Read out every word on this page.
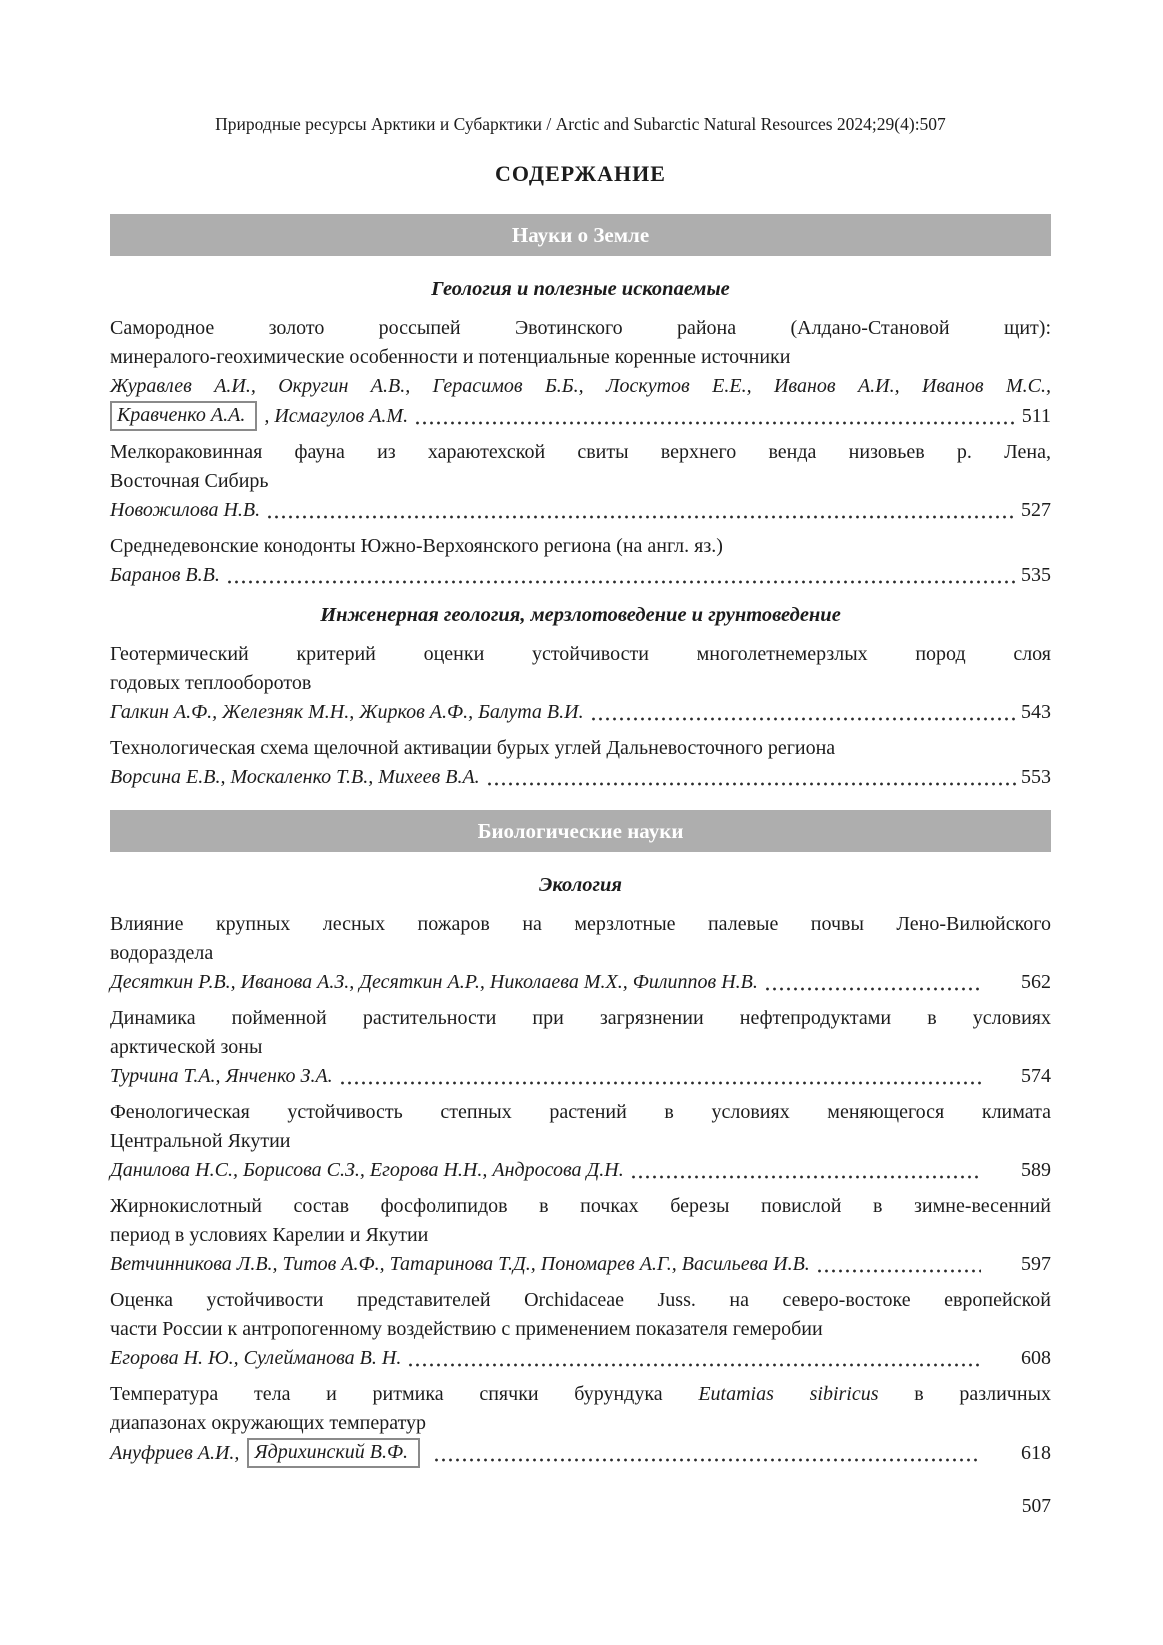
Природные ресурсы Арктики и Субарктики / Arctic and Subarctic Natural Resources 2024;29(4):507
СОДЕРЖАНИЕ
Науки о Земле
Геология и полезные ископаемые
Самородное золото россыпей Эвотинского района (Алдано-Становой щит):
минералого-геохимические особенности и потенциальные коренные источники
Журавлев А.И., Округин А.В., Герасимов Б.Б., Лоскутов Е.Е., Иванов А.И., Иванов М.С.,
Кравченко А.А. , Исмагулов А.М.	511
Мелкораковинная фауна из хараютехской свиты верхнего венда низовьев р. Лена,
Восточная Сибирь
Новожилова Н.В.	527
Среднедевонские конодонты Южно-Верхоянского региона (на англ. яз.)
Баранов В.В.	535
Инженерная геология, мерзлотоведение и грунтоведение
Геотермический критерий оценки устойчивости многолетнемерзлых пород слоя
годовых теплооборотов
Галкин А.Ф., Железняк М.Н., Жирков А.Ф., Балута В.И.	543
Технологическая схема щелочной активации бурых углей Дальневосточного региона
Ворсина Е.В., Москаленко Т.В., Михеев В.А.	553
Биологические науки
Экология
Влияние крупных лесных пожаров на мерзлотные палевые почвы Лено-Вилюйского
водораздела
Десяткин Р.В., Иванова А.З., Десяткин А.Р., Николаева М.Х., Филиппов Н.В.	562
Динамика пойменной растительности при загрязнении нефтепродуктами в условиях
арктической зоны
Турчина Т.А., Янченко З.А.	574
Фенологическая устойчивость степных растений в условиях меняющегося климата
Центральной Якутии
Данилова Н.С., Борисова С.З., Егорова Н.Н., Андросова Д.Н.	589
Жирнокислотный состав фосфолипидов в почках березы повислой в зимне-весенний
период в условиях Карелии и Якутии
Ветчинникова Л.В., Титов А.Ф., Татаринова Т.Д., Пономарев А.Г., Васильева И.В.	597
Оценка устойчивости представителей Orchidaceae Juss. на северо-востоке европейской
части России к антропогенному воздействию с применением показателя гемеробии
Егорова Н. Ю., Сулейманова В. Н.	608
Температура тела и ритмика спячки бурундука Eutamias sibiricus в различных
диапазонах окружающих температур
Ануфриев А.И., Ядрихинский В.Ф.	618
507
